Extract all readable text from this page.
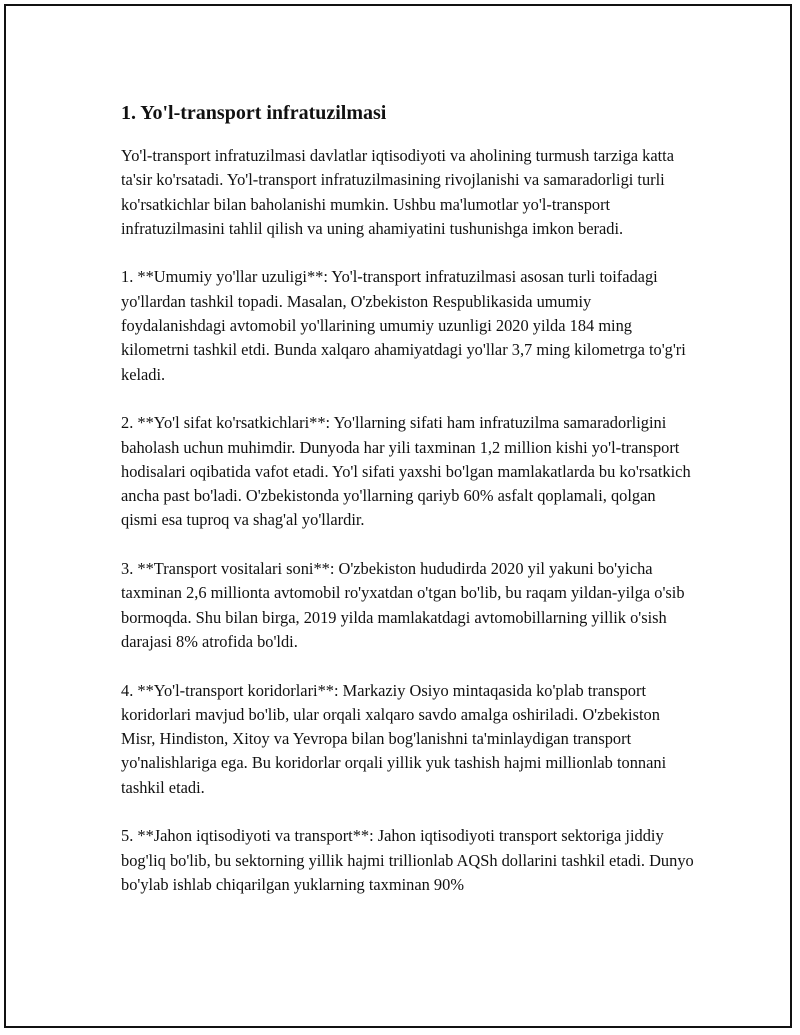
1. Yo'l-transport infratuzilmasi

Yo'l-transport infratuzilmasi davlatlar iqtisodiyoti va aholining turmush tarziga katta ta'sir ko'rsatadi. Yo'l-transport infratuzilmasining rivojlanishi va samaradorligi turli ko'rsatkichlar bilan baholanishi mumkin. Ushbu ma'lumotlar yo'l-transport infratuzilmasini tahlil qilish va uning ahamiyatini tushunishga imkon beradi.

1. **Umumiy yo'llar uzuligi**: Yo'l-transport infratuzilmasi asosan turli toifadagi yo'llardan tashkil topadi. Masalan, O'zbekiston Respublikasida umumiy foydalanishdagi avtomobil yo'llarining umumiy uzunligi 2020 yilda 184 ming kilometrni tashkil etdi. Bunda xalqaro ahamiyatdagi yo'llar 3,7 ming kilometrga to'g'ri keladi.

2. **Yo'l sifat ko'rsatkichlari**: Yo'llarning sifati ham infratuzilma samaradorligini baholash uchun muhimdir. Dunyoda har yili taxminan 1,2 million kishi yo'l-transport hodisalari oqibatida vafot etadi. Yo'l sifati yaxshi bo'lgan mamlakatlarda bu ko'rsatkich ancha past bo'ladi. O'zbekistonda yo'llarning qariyb 60% asfalt qoplamali, qolgan qismi esa tuproq va shag'al yo'llardir.

3. **Transport vositalari soni**: O'zbekiston hududirda 2020 yil yakuni bo'yicha taxminan 2,6 millionta avtomobil ro'yxatdan o'tgan bo'lib, bu raqam yildan-yilga o'sib bormoqda. Shu bilan birga, 2019 yilda mamlakatdagi avtomobillarning yillik o'sish darajasi 8% atrofida bo'ldi.

4. **Yo'l-transport koridorlari**: Markaziy Osiyo mintaqasida ko'plab transport koridorlari mavjud bo'lib, ular orqali xalqaro savdo amalga oshiriladi. O'zbekiston Misr, Hindiston, Xitoy va Yevropa bilan bog'lanishni ta'minlaydigan transport yo'nalishlariga ega. Bu koridorlar orqali yillik yuk tashish hajmi millionlab tonnani tashkil etadi.

5. **Jahon iqtisodiyoti va transport**: Jahon iqtisodiyoti transport sektoriga jiddiy bog'liq bo'lib, bu sektorning yillik hajmi trillionlab AQSh dollarini tashkil etadi. Dunyo bo'ylab ishlab chiqarilgan yuklarning taxminan 90%
